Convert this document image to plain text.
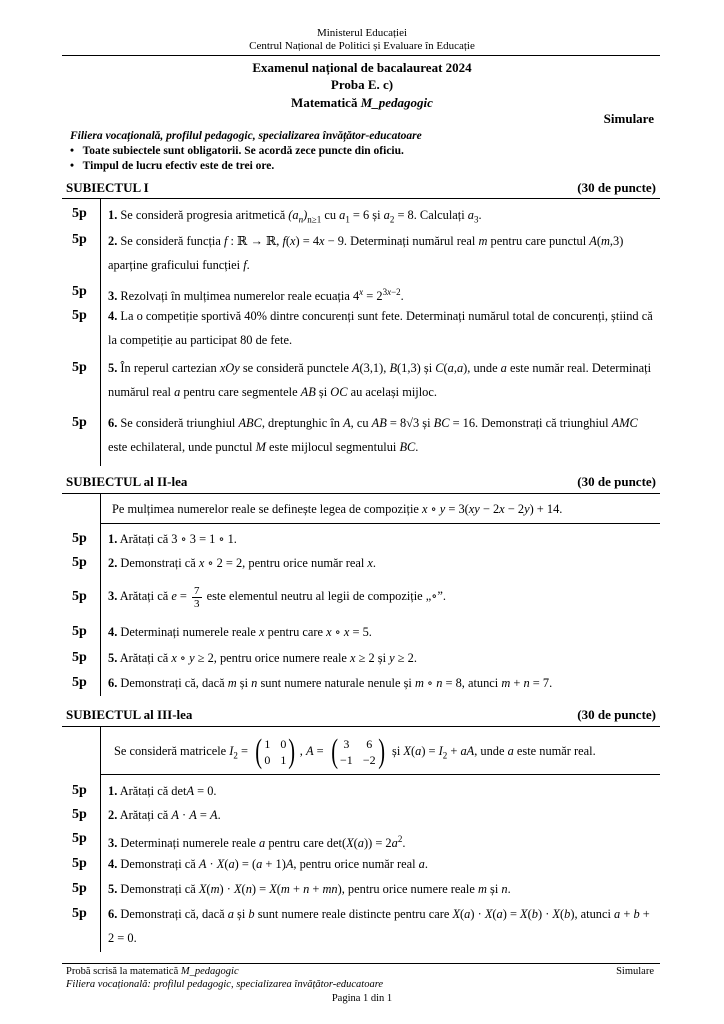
Ministerul Educației
Centrul Național de Politici și Evaluare în Educație
Examenul național de bacalaureat 2024
Proba E. c)
Matematică M_pedagogic
Simulare
Filiera vocațională, profilul pedagogic, specializarea învățător-educatoare
•   Toate subiectele sunt obligatorii. Se acordă zece puncte din oficiu.
•   Timpul de lucru efectiv este de trei ore.
SUBIECTUL I	(30 de puncte)
5p	1. Se consideră progresia aritmetică $(a_n)_{n\ge 1}$ cu $a_1 = 6$ și $a_2 = 8$. Calculați $a_3$.
5p	2. Se consideră funcția f : ℝ → ℝ, f(x) = 4x − 9. Determinați numărul real m pentru care punctul A(m,3) aparține graficului funcției f.
5p	3. Rezolvați în mulțimea numerelor reale ecuația $4^x = 2^{3x-2}$.
5p	4. La o competiție sportivă 40% dintre concurenți sunt fete. Determinați numărul total de concurenți, știind că la competiție au participat 80 de fete.
5p	5. În reperul cartezian xOy se consideră punctele A(3,1), B(1,3) și C(a,a), unde a este număr real. Determinați numărul real a pentru care segmentele AB și OC au același mijloc.
5p	6. Se consideră triunghiul ABC, dreptunghic în A, cu AB = 8√3 și BC = 16. Demonstrați că triunghiul AMC este echilateral, unde punctul M este mijlocul segmentului BC.
SUBIECTUL al II-lea	(30 de puncte)
Pe mulțimea numerelor reale se definește legea de compoziție x ∘ y = 3(xy − 2x − 2y) + 14.
5p	1. Arătați că 3 ∘ 3 = 1 ∘ 1.
5p	2. Demonstrați că x ∘ 2 = 2, pentru orice număr real x.
5p	3. Arătați că $e = \frac{7}{3}$ este elementul neutru al legii de compoziție „∘”.
5p	4. Determinați numerele reale x pentru care x ∘ x = 5.
5p	5. Arătați că x ∘ y ≥ 2, pentru orice numere reale x ≥ 2 și y ≥ 2.
5p	6. Demonstrați că, dacă m și n sunt numere naturale nenule și m ∘ n = 8, atunci m + n = 7.
SUBIECTUL al III-lea	(30 de puncte)
Se consideră matricele $I_2$ = ( 1 0
0 1 ) , A = ( 3 6
−1 −2 ) și $X(a) = I_2$ + aA, unde a este număr real.
5p	1. Arătați că detA = 0.
5p	2. Arătați că A · A = A.
5p	3. Determinați numerele reale a pentru care $\det(X(a)) = 2a^2$.
5p	4. Demonstrați că A · X(a) = (a + 1)A, pentru orice număr real a.
5p	5. Demonstrați că X(m) · X(n) = X(m + n + mn), pentru orice numere reale m și n.
5p	6. Demonstrați că, dacă a și b sunt numere reale distincte pentru care X(a) · X(a) = X(b) · X(b), atunci a + b + 2 = 0.
Probă scrisă la matematică M_pedagogic	Simulare
Filiera vocațională: profilul pedagogic, specializarea învățător-educatoare
Pagina 1 din 1
